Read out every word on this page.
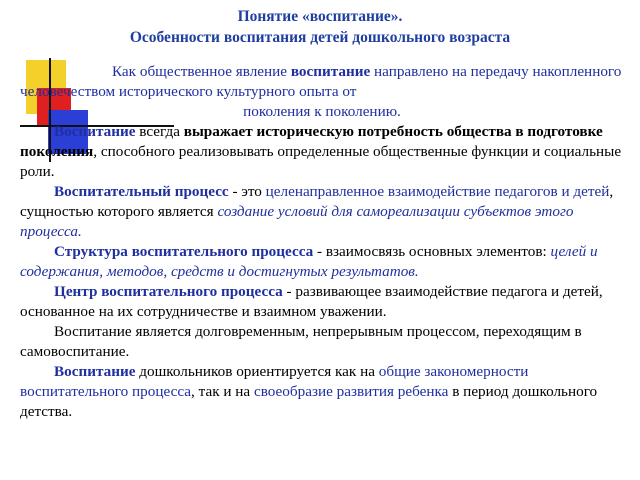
Понятие «воспитание».
Особенности воспитания детей дошкольного возраста

Как общественное явление воспитание направлено на передачу накопленного человечеством исторического культурного опыта от

поколения к поколению.

Воспитание всегда выражает историческую потребность общества в подготовке поколения, способного реализовывать определенные общественные функции и социальные роли.

Воспитательный процесс - это целенаправленное взаимодействие педагогов и детей, сущностью которого является создание условий для самореализации субъектов этого процесса.

Структура воспитательного процесса - взаимосвязь основных элементов: целей и содержания, методов, средств и достигнутых результатов.

Центр воспитательного процесса - развивающее взаимодействие педагога и детей, основанное на их сотрудничестве и взаимном уважении.

Воспитание является долговременным, непрерывным процессом, переходящим в самовоспитание.

Воспитание дошкольников ориентируется как на общие закономерности воспитательного процесса, так и на своеобразие развития ребенка в период дошкольного детства.
